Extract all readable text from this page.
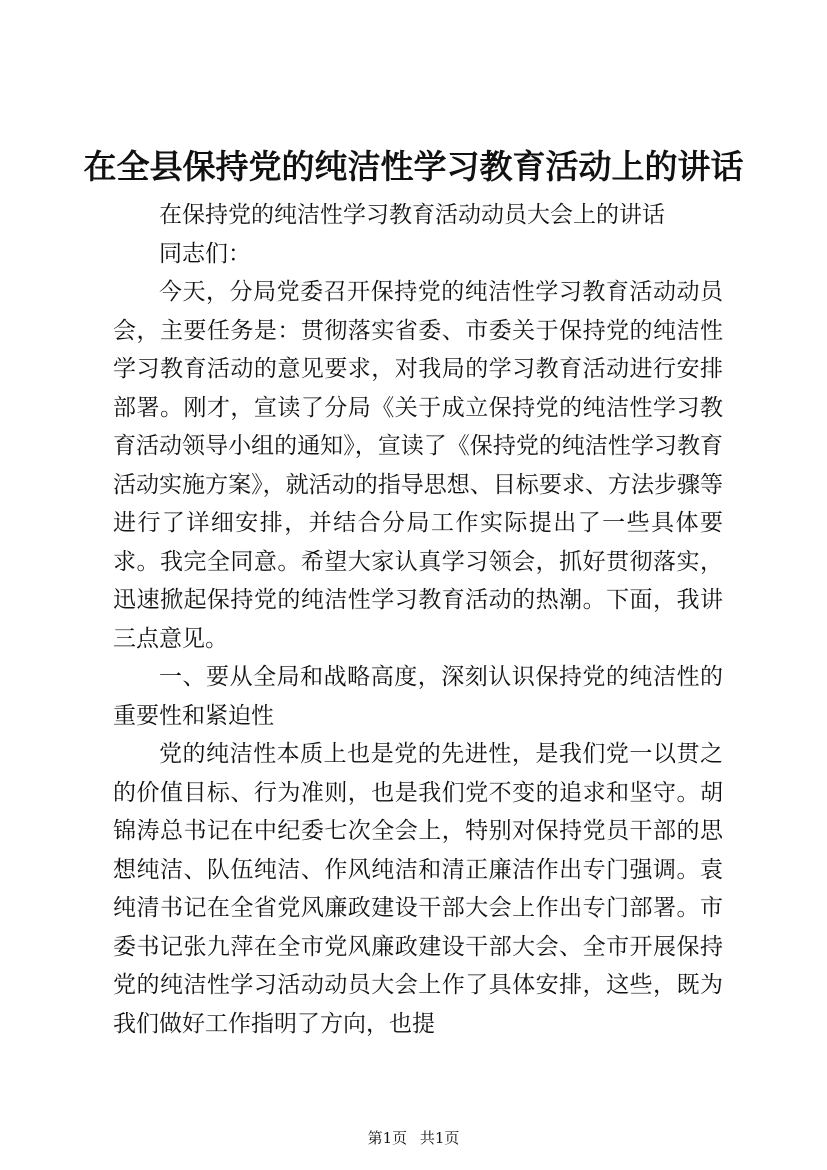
在全县保持党的纯洁性学习教育活动上的讲话

在保持党的纯洁性学习教育活动动员大会上的讲话

同志们：

今天，分局党委召开保持党的纯洁性学习教育活动动员会，主要任务是：贯彻落实省委、市委关于保持党的纯洁性学习教育活动的意见要求，对我局的学习教育活动进行安排部署。刚才，宣读了分局《关于成立保持党的纯洁性学习教育活动领导小组的通知》，宣读了《保持党的纯洁性学习教育活动实施方案》，就活动的指导思想、目标要求、方法步骤等进行了详细安排，并结合分局工作实际提出了一些具体要求。我完全同意。希望大家认真学习领会，抓好贯彻落实，迅速掀起保持党的纯洁性学习教育活动的热潮。下面，我讲三点意见。

一、要从全局和战略高度，深刻认识保持党的纯洁性的重要性和紧迫性

党的纯洁性本质上也是党的先进性，是我们党一以贯之的价值目标、行为准则，也是我们党不变的追求和坚守。胡锦涛总书记在中纪委七次全会上，特别对保持党员干部的思想纯洁、队伍纯洁、作风纯洁和清正廉洁作出专门强调。袁纯清书记在全省党风廉政建设干部大会上作出专门部署。市委书记张九萍在全市党风廉政建设干部大会、全市开展保持党的纯洁性学习活动动员大会上作了具体安排，这些，既为我们做好工作指明了方向，也提

第1页 共1页
